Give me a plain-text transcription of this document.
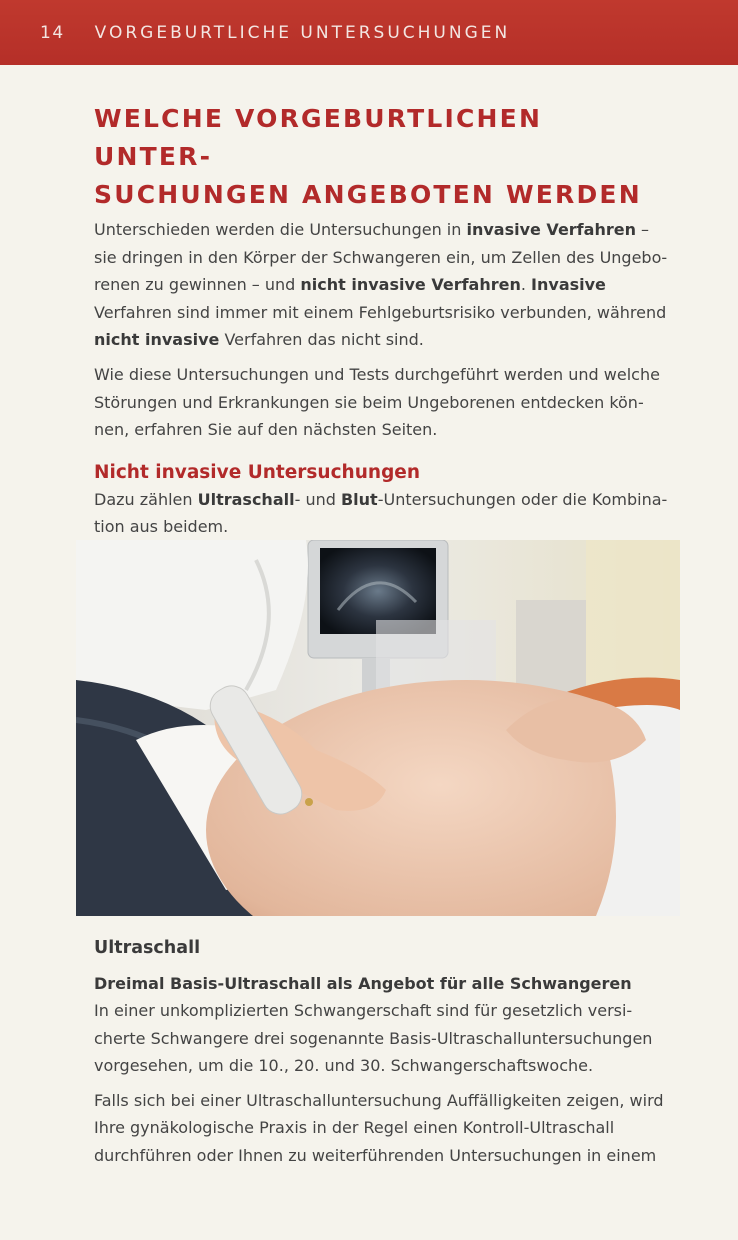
14 VORGEBURTLICHE UNTERSUCHUNGEN
WELCHE VORGEBURTLICHEN UNTER-
SUCHUNGEN ANGEBOTEN WERDEN

Unterschieden werden die Untersuchungen in invasive Verfahren – sie dringen in den Körper der Schwangeren ein, um Zellen des Ungeborenen zu gewinnen – und nicht invasive Verfahren. Invasive Verfahren sind immer mit einem Fehlgeburtsrisiko verbunden, während nicht invasive Verfahren das nicht sind.

Wie diese Untersuchungen und Tests durchgeführt werden und welche Störungen und Erkrankungen sie beim Ungeborenen entdecken können, erfahren Sie auf den nächsten Seiten.

Nicht invasive Untersuchungen

Dazu zählen Ultraschall- und Blut-Untersuchungen oder die Kombination aus beidem.

Ultraschall
Dreimal Basis-Ultraschall als Angebot für alle Schwangeren

In einer unkomplizierten Schwangerschaft sind für gesetzlich versicherte Schwangere drei sogenannte Basis-Ultraschalluntersuchungen vorgesehen, um die 10., 20. und 30. Schwangerschaftswoche.

Falls sich bei einer Ultraschalluntersuchung Auffälligkeiten zeigen, wird Ihre gynäkologische Praxis in der Regel einen Kontroll-Ultraschall durchführen oder Ihnen zu weiterführenden Untersuchungen in einem
